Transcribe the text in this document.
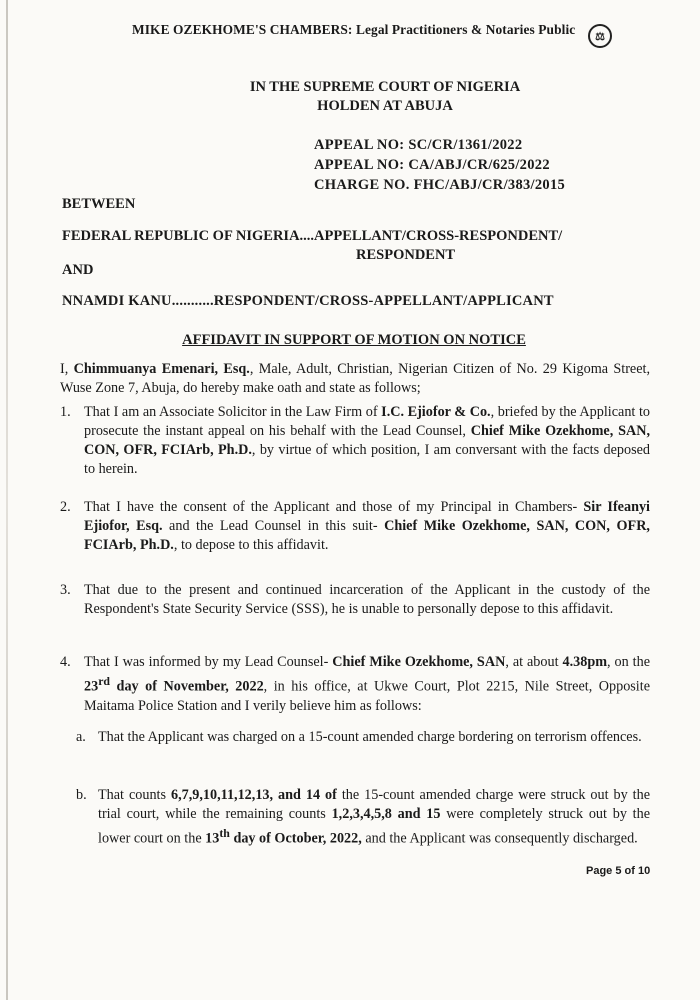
MIKE OZEKHOME'S CHAMBERS: Legal Practitioners & Notaries Public	⚖
IN THE SUPREME COURT OF NIGERIA
HOLDEN AT ABUJA
APPEAL NO: SC/CR/1361/2022
APPEAL NO: CA/ABJ/CR/625/2022
CHARGE NO. FHC/ABJ/CR/383/2015
BETWEEN
FEDERAL REPUBLIC OF NIGERIA....APPELLANT/CROSS-RESPONDENT/
RESPONDENT
AND
NNAMDI KANU...........RESPONDENT/CROSS-APPELLANT/APPLICANT
AFFIDAVIT IN SUPPORT OF MOTION ON NOTICE
I, Chimmuanya Emenari, Esq., Male, Adult, Christian, Nigerian Citizen of No. 29 Kigoma Street, Wuse Zone 7, Abuja, do hereby make oath and state as follows;
1. That I am an Associate Solicitor in the Law Firm of I.C. Ejiofor & Co., briefed by the Applicant to prosecute the instant appeal on his behalf with the Lead Counsel, Chief Mike Ozekhome, SAN, CON, OFR, FCIArb, Ph.D., by virtue of which position, I am conversant with the facts deposed to herein.
2. That I have the consent of the Applicant and those of my Principal in Chambers- Sir Ifeanyi Ejiofor, Esq. and the Lead Counsel in this suit- Chief Mike Ozekhome, SAN, CON, OFR, FCIArb, Ph.D., to depose to this affidavit.
3. That due to the present and continued incarceration of the Applicant in the custody of the Respondent's State Security Service (SSS), he is unable to personally depose to this affidavit.
4. That I was informed by my Lead Counsel- Chief Mike Ozekhome, SAN, at about 4.38pm, on the 23rd day of November, 2022, in his office, at Ukwe Court, Plot 2215, Nile Street, Opposite Maitama Police Station and I verily believe him as follows:
a. That the Applicant was charged on a 15-count amended charge bordering on terrorism offences.
b. That counts 6,7,9,10,11,12,13, and 14 of the 15-count amended charge were struck out by the trial court, while the remaining counts 1,2,3,4,5,8 and 15 were completely struck out by the lower court on the 13th day of October, 2022, and the Applicant was consequently discharged.
Page 5 of 10
